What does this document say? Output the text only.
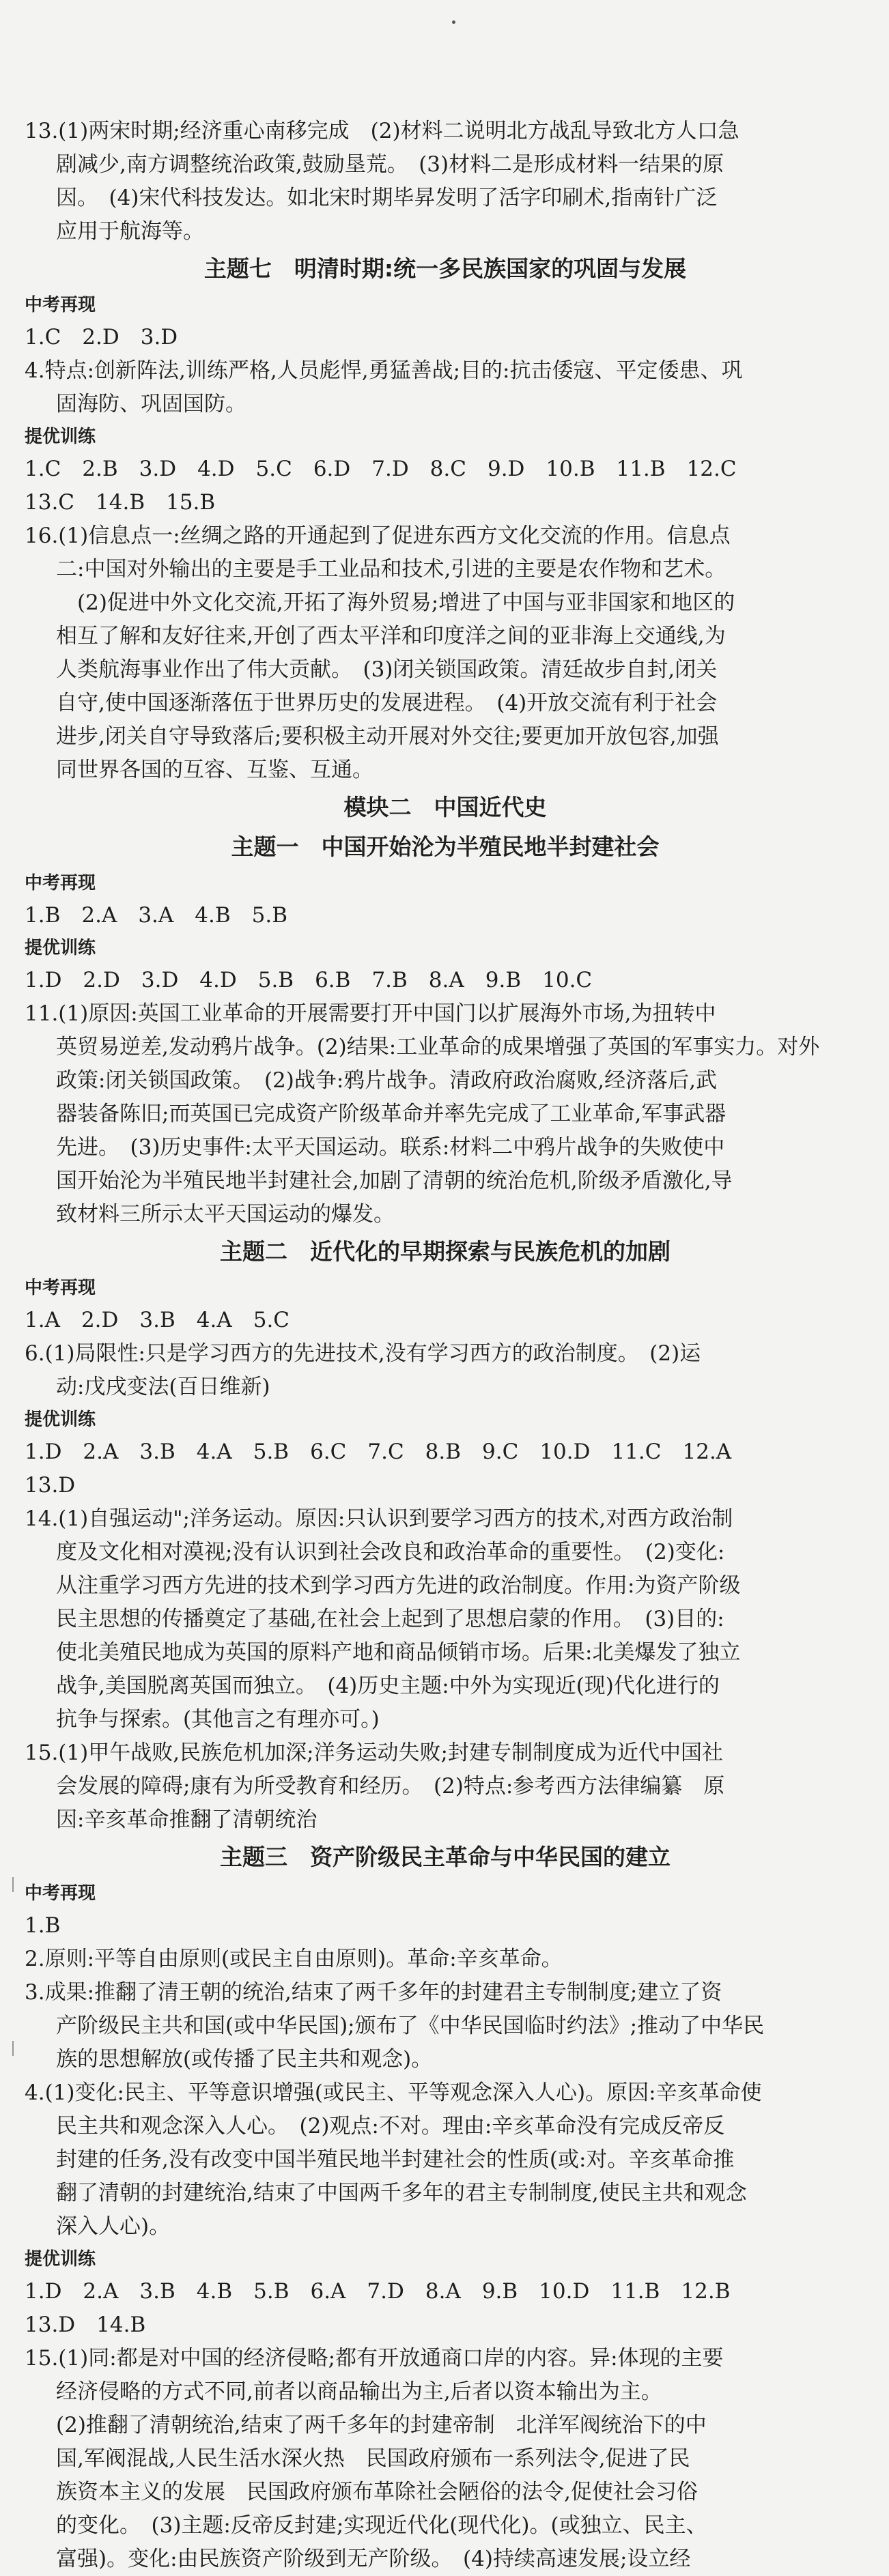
13.(1)两宋时期;经济重心南移完成　(2)材料二说明北方战乱导致北方人口急
剧减少,南方调整统治政策,鼓励垦荒。　(3)材料二是形成材料一结果的原
因。　(4)宋代科技发达。如北宋时期毕昇发明了活字印刷术,指南针广泛
应用于航海等。
主题七　明清时期:统一多民族国家的巩固与发展
中考再现
1.C　2.D　3.D
4.特点:创新阵法,训练严格,人员彪悍,勇猛善战;目的:抗击倭寇、平定倭患、巩
固海防、巩固国防。
提优训练
1.C　2.B　3.D　4.D　5.C　6.D　7.D　8.C　9.D　10.B　11.B　12.C
13.C　14.B　15.B
16.(1)信息点一:丝绸之路的开通起到了促进东西方文化交流的作用。信息点
二:中国对外输出的主要是手工业品和技术,引进的主要是农作物和艺术。
　(2)促进中外文化交流,开拓了海外贸易;增进了中国与亚非国家和地区的
相互了解和友好往来,开创了西太平洋和印度洋之间的亚非海上交通线,为
人类航海事业作出了伟大贡献。　(3)闭关锁国政策。清廷故步自封,闭关
自守,使中国逐渐落伍于世界历史的发展进程。　(4)开放交流有利于社会
进步,闭关自守导致落后;要积极主动开展对外交往;要更加开放包容,加强
同世界各国的互容、互鉴、互通。
模块二　中国近代史
主题一　中国开始沦为半殖民地半封建社会
中考再现
1.B　2.A　3.A　4.B　5.B
提优训练
1.D　2.D　3.D　4.D　5.B　6.B　7.B　8.A　9.B　10.C
11.(1)原因:英国工业革命的开展需要打开中国门以扩展海外市场,为扭转中
英贸易逆差,发动鸦片战争。(2)结果:工业革命的成果增强了英国的军事实力。对外
政策:闭关锁国政策。　(2)战争:鸦片战争。清政府政治腐败,经济落后,武
器装备陈旧;而英国已完成资产阶级革命并率先完成了工业革命,军事武器
先进。　(3)历史事件:太平天国运动。联系:材料二中鸦片战争的失败使中
国开始沦为半殖民地半封建社会,加剧了清朝的统治危机,阶级矛盾激化,导
致材料三所示太平天国运动的爆发。
主题二　近代化的早期探索与民族危机的加剧
中考再现
1.A　2.D　3.B　4.A　5.C
6.(1)局限性:只是学习西方的先进技术,没有学习西方的政治制度。　(2)运
动:戊戌变法(百日维新)
提优训练
1.D　2.A　3.B　4.A　5.B　6.C　7.C　8.B　9.C　10.D　11.C　12.A
13.D
14.(1)自强运动";洋务运动。原因:只认识到要学习西方的技术,对西方政治制
度及文化相对漠视;没有认识到社会改良和政治革命的重要性。　(2)变化:
从注重学习西方先进的技术到学习西方先进的政治制度。作用:为资产阶级
民主思想的传播奠定了基础,在社会上起到了思想启蒙的作用。　(3)目的:
使北美殖民地成为英国的原料产地和商品倾销市场。后果:北美爆发了独立
战争,美国脱离英国而独立。　(4)历史主题:中外为实现近(现)代化进行的
抗争与探索。(其他言之有理亦可。)
15.(1)甲午战败,民族危机加深;洋务运动失败;封建专制制度成为近代中国社
会发展的障碍;康有为所受教育和经历。　(2)特点:参考西方法律编纂　原
因:辛亥革命推翻了清朝统治
主题三　资产阶级民主革命与中华民国的建立
中考再现
1.B
2.原则:平等自由原则(或民主自由原则)。革命:辛亥革命。
3.成果:推翻了清王朝的统治,结束了两千多年的封建君主专制制度;建立了资
产阶级民主共和国(或中华民国);颁布了《中华民国临时约法》;推动了中华民
族的思想解放(或传播了民主共和观念)。
4.(1)变化:民主、平等意识增强(或民主、平等观念深入人心)。原因:辛亥革命使
民主共和观念深入人心。　(2)观点:不对。理由:辛亥革命没有完成反帝反
封建的任务,没有改变中国半殖民地半封建社会的性质(或:对。辛亥革命推
翻了清朝的封建统治,结束了中国两千多年的君主专制制度,使民主共和观念
深入人心)。
提优训练
1.D　2.A　3.B　4.B　5.B　6.A　7.D　8.A　9.B　10.D　11.B　12.B
13.D　14.B
15.(1)同:都是对中国的经济侵略;都有开放通商口岸的内容。异:体现的主要
经济侵略的方式不同,前者以商品输出为主,后者以资本输出为主。
(2)推翻了清朝统治,结束了两千多年的封建帝制　北洋军阀统治下的中
国,军阀混战,人民生活水深火热　民国政府颁布一系列法令,促进了民
族资本主义的发展　民国政府颁布革除社会陋俗的法令,促使社会习俗
的变化。　(3)主题:反帝反封建;实现近代化(现代化)。(或独立、民主、
富强)。变化:由民族资产阶级到无产阶级。　(4)持续高速发展;设立经
